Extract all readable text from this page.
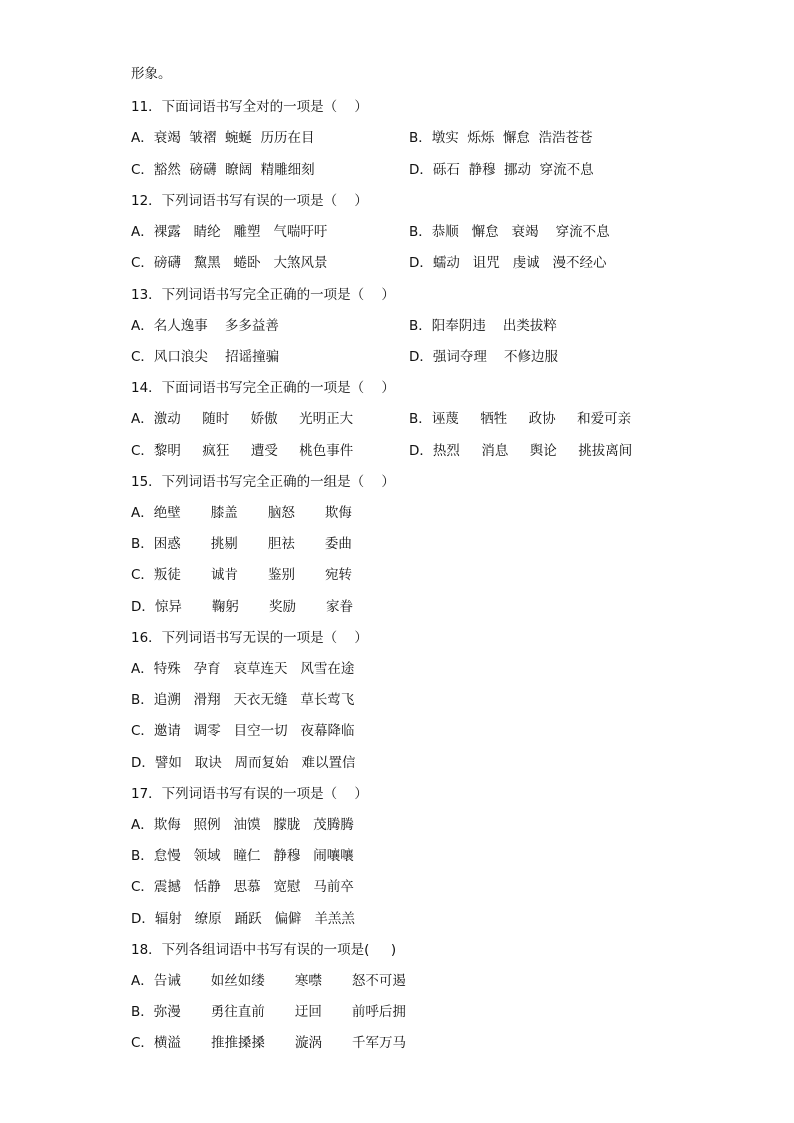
形象。
11．下面词语书写全对的一项是（    ）
A．衰竭  皱褶  蜿蜒  历历在目	B．墩实  烁烁  懈怠  浩浩苍苍
C．豁然  磅礴  瞭阔  精雕细刻	D．砾石  静穆  挪动  穿流不息
12．下列词语书写有误的一项是（    ）
A．裸露   睛纶   雕塑   气喘吁吁	B．恭顺   懈怠   衰竭    穿流不息
C．磅礴   黧黑   蜷卧   大煞风景	D．蠕动   诅咒   虔诚   漫不经心
13．下列词语书写完全正确的一项是（    ）
A．名人逸事    多多益善	B．阳奉阴违    出类拔粹
C．风口浪尖    招谣撞骗	D．强词夺理    不修边服
14．下面词语书写完全正确的一项是（    ）
A．激动     随时     娇傲     光明正大	B．诬蔑     牺牲     政协     和爱可亲
C．黎明     疯狂     遭受     桃色事件	D．热烈     消息     舆论     挑拔离间
15．下列词语书写完全正确的一组是（    ）
A．绝壁       膝盖       脑怒       欺侮
B．困惑       挑剔       胆祛       委曲
C．叛徒       诚肯       鉴别       宛转
D．惊异       鞠躬       奖励       家眷
16．下列词语书写无误的一项是（    ）
A．特殊   孕育   哀草连天   风雪在途
B．追溯   滑翔   天衣无缝   草长莺飞
C．邀请   调零   目空一切   夜幕降临
D．譬如   取诀   周而复始   难以置信
17．下列词语书写有误的一项是（    ）
A．欺侮   照例   油馍   朦胧   茂腾腾
B．怠慢   领域   瞳仁   静穆   闹嚷嚷
C．震撼   恬静   思慕   宽慰   马前卒
D．辐射   缭原   踊跃   偏僻   羊羔羔
18．下列各组词语中书写有误的一项是(     )
A．告诫       如丝如缕       寒噤       怒不可遏
B．弥漫       勇往直前       迂回       前呼后拥
C．横溢       推推搡搡       漩涡       千军万马
